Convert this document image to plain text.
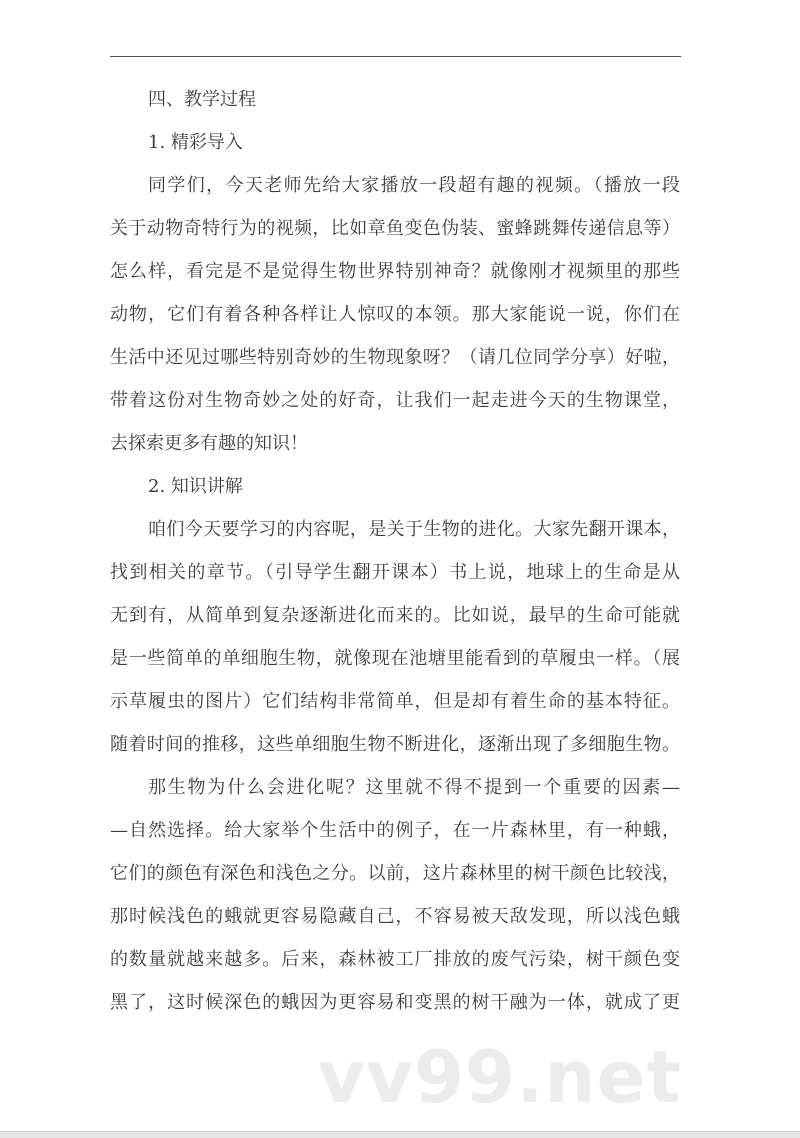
四、教学过程
1. 精彩导入
同学们，今天老师先给大家播放一段超有趣的视频。（播放一段
关于动物奇特行为的视频，比如章鱼变色伪装、蜜蜂跳舞传递信息等）
怎么样，看完是不是觉得生物世界特别神奇？就像刚才视频里的那些
动物，它们有着各种各样让人惊叹的本领。那大家能说一说，你们在
生活中还见过哪些特别奇妙的生物现象呀？（请几位同学分享）好啦，
带着这份对生物奇妙之处的好奇，让我们一起走进今天的生物课堂，
去探索更多有趣的知识！
2. 知识讲解
咱们今天要学习的内容呢，是关于生物的进化。大家先翻开课本，
找到相关的章节。（引导学生翻开课本）书上说，地球上的生命是从
无到有，从简单到复杂逐渐进化而来的。比如说，最早的生命可能就
是一些简单的单细胞生物，就像现在池塘里能看到的草履虫一样。（展
示草履虫的图片）它们结构非常简单，但是却有着生命的基本特征。
随着时间的推移，这些单细胞生物不断进化，逐渐出现了多细胞生物。
那生物为什么会进化呢？这里就不得不提到一个重要的因素—
—自然选择。给大家举个生活中的例子，在一片森林里，有一种蛾，
它们的颜色有深色和浅色之分。以前，这片森林里的树干颜色比较浅，
那时候浅色的蛾就更容易隐藏自己，不容易被天敌发现，所以浅色蛾
的数量就越来越多。后来，森林被工厂排放的废气污染，树干颜色变
黑了，这时候深色的蛾因为更容易和变黑的树干融为一体，就成了更
vv99.net
